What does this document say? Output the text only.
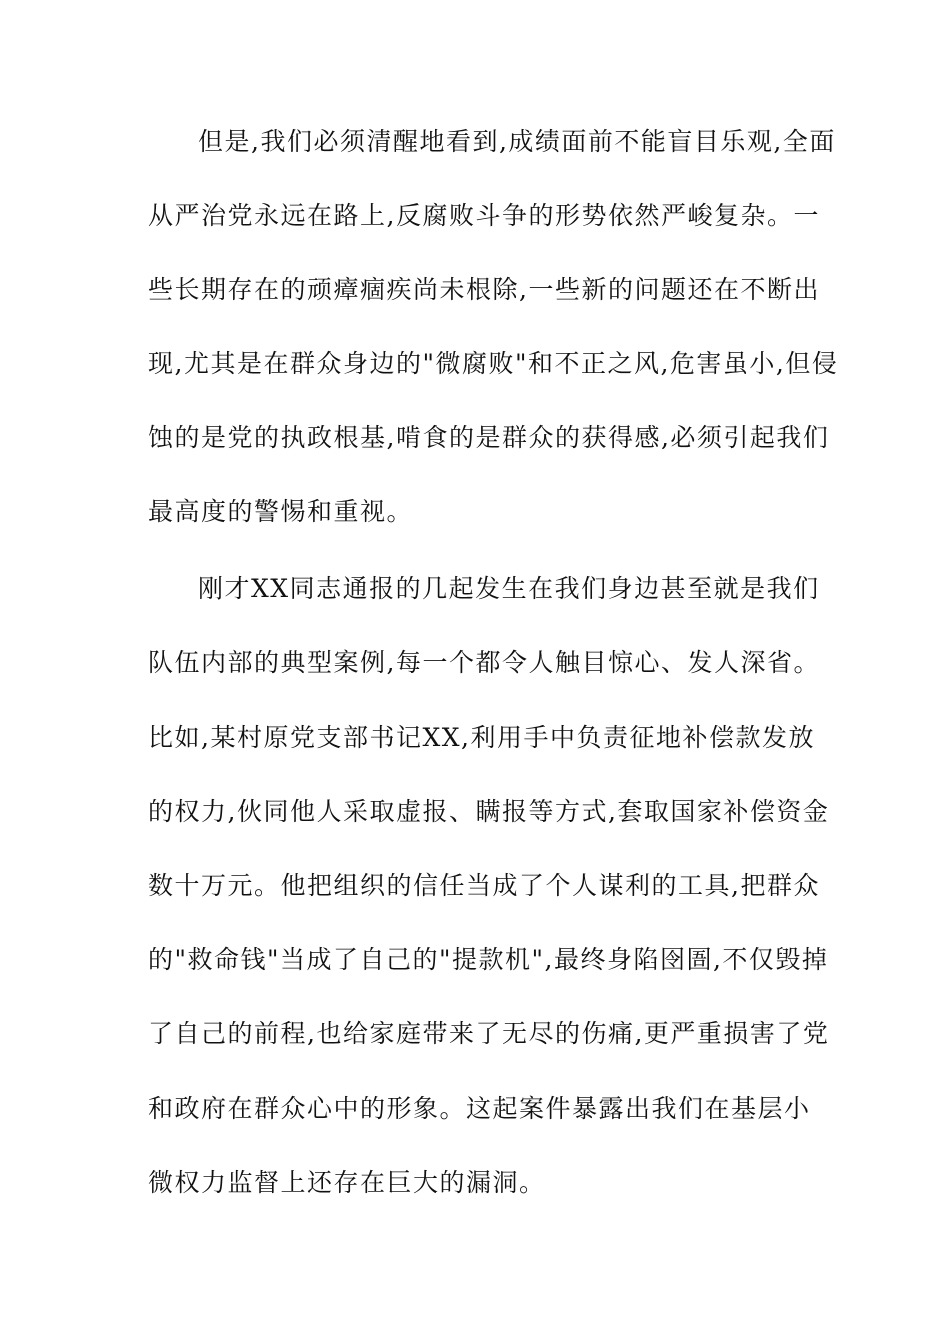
但是,我们必须清醒地看到,成绩面前不能盲目乐观,全面
从严治党永远在路上,反腐败斗争的形势依然严峻复杂。一
些长期存在的顽瘴痼疾尚未根除,一些新的问题还在不断出
现,尤其是在群众身边的"微腐败"和不正之风,危害虽小,但侵
蚀的是党的执政根基,啃食的是群众的获得感,必须引起我们
最高度的警惕和重视。
刚才XX同志通报的几起发生在我们身边甚至就是我们
队伍内部的典型案例,每一个都令人触目惊心、发人深省。
比如,某村原党支部书记XX,利用手中负责征地补偿款发放
的权力,伙同他人采取虚报、瞒报等方式,套取国家补偿资金
数十万元。他把组织的信任当成了个人谋利的工具,把群众
的"救命钱"当成了自己的"提款机",最终身陷囹圄,不仅毁掉
了自己的前程,也给家庭带来了无尽的伤痛,更严重损害了党
和政府在群众心中的形象。这起案件暴露出我们在基层小
微权力监督上还存在巨大的漏洞。
